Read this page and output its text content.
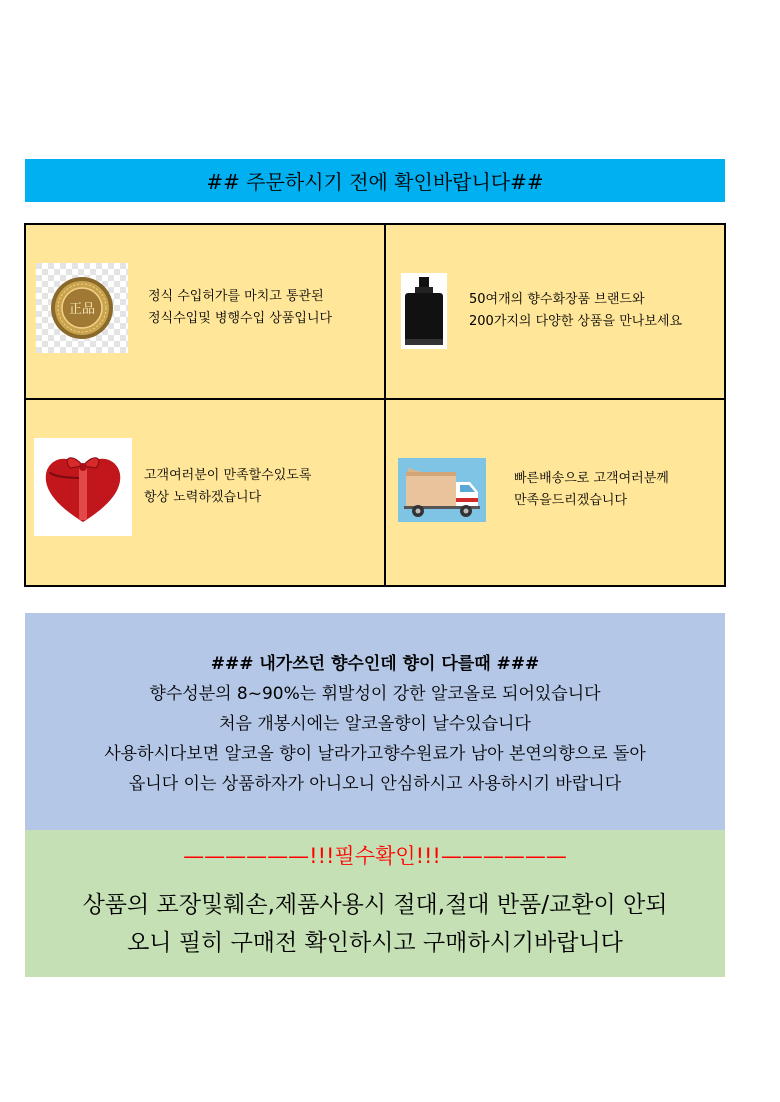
## 주문하시기 전에 확인바랍니다##
正品
정식 수입허가를 마치고 통관된
정식수입및 병행수입 상품입니다
50여개의 향수화장품 브랜드와
200가지의 다양한 상품을 만나보세요
고객여러분이 만족할수있도록
항상 노력하겠습니다
빠른배송으로 고객여러분께
만족을드리겠습니다
### 내가쓰던 향수인데 향이 다를때 ###
향수성분의 8~90%는 휘발성이 강한 알코올로 되어있습니다
처음 개봉시에는 알코올향이 날수있습니다
사용하시다보면 알코올 향이 날라가고향수원료가 남아 본연의향으로 돌아
옵니다 이는 상품하자가 아니오니 안심하시고 사용하시기 바랍니다
——————!!!필수확인!!!——————
상품의 포장및훼손,제품사용시 절대,절대 반품/교환이 안되
오니 필히 구매전 확인하시고 구매하시기바랍니다
